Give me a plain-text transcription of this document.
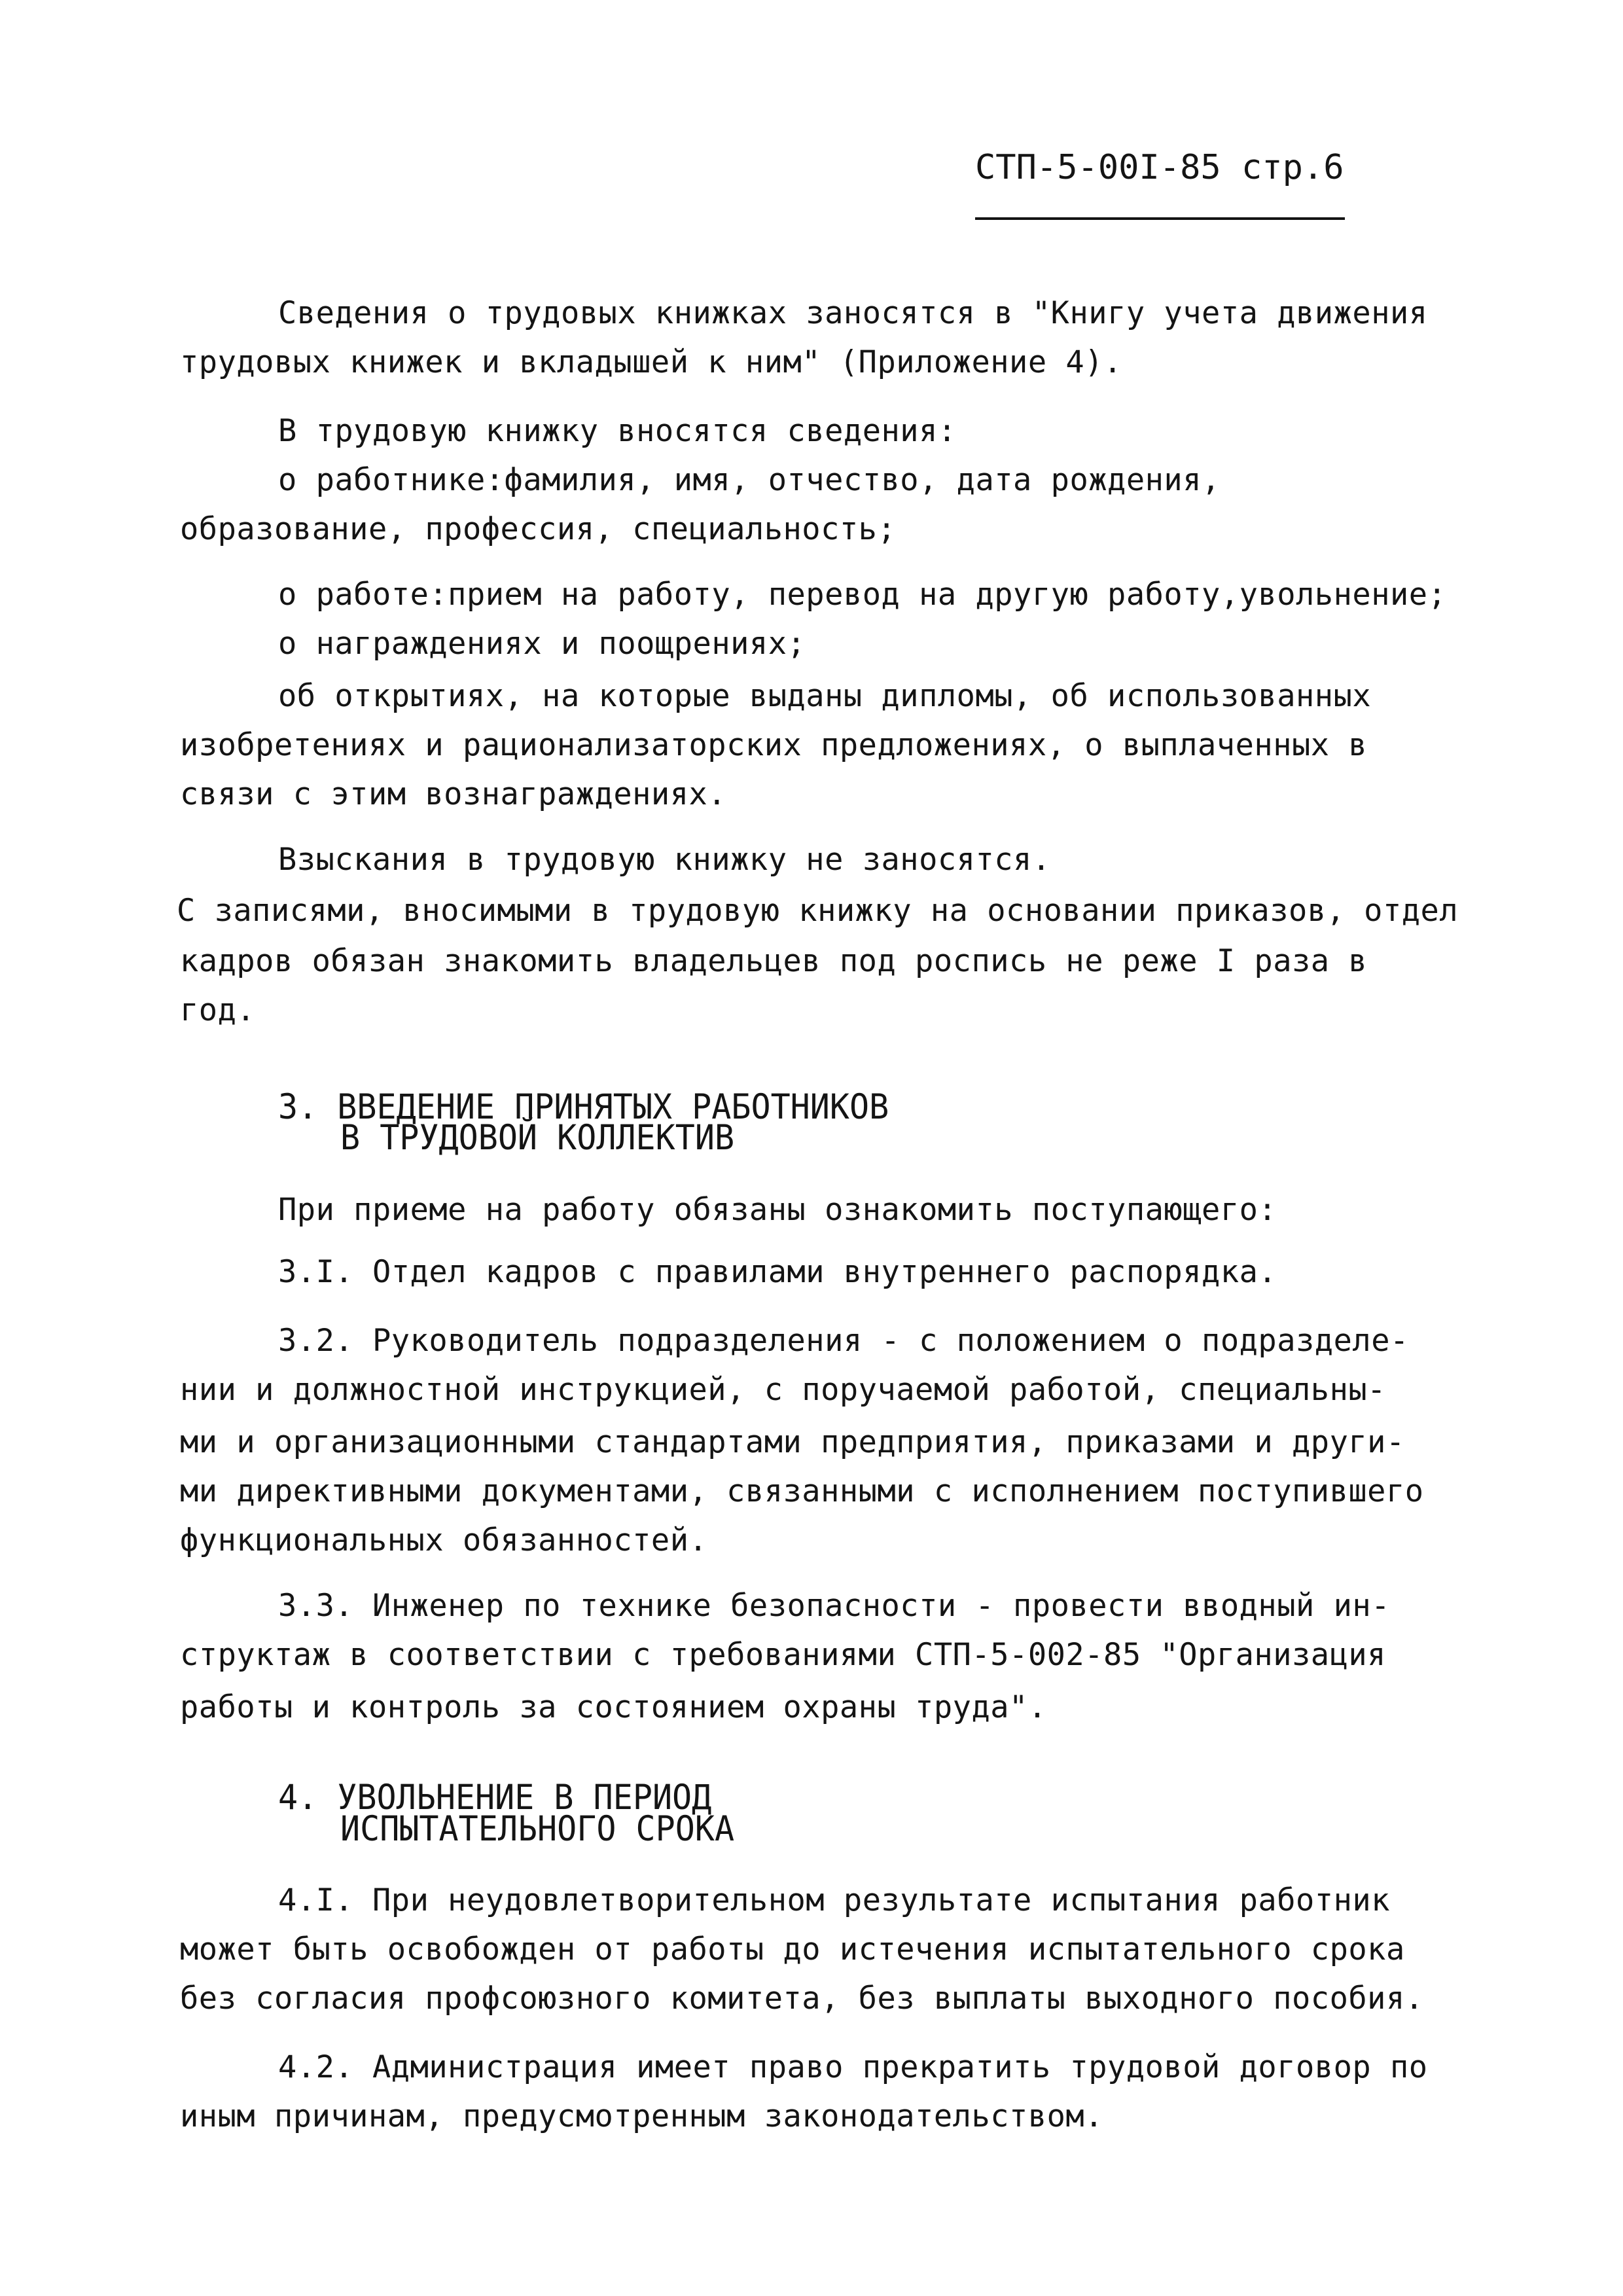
СТП-5-00I-85 стр.6
Сведения о трудовых книжках заносятся в "Книгу учета движения
трудовых книжек и вкладышей к ним" (Приложение 4).
В трудовую книжку вносятся сведения:
о работнике:фамилия, имя, отчество, дата рождения,
образование, профессия, специальность;
о работе:прием на работу, перевод на другую работу,увольнение;
о награждениях и поощрениях;
об открытиях, на которые выданы дипломы, об использованных
изобретениях и рационализаторских предложениях, о выплаченных в
связи с этим вознаграждениях.
Взыскания в трудовую книжку не заносятся.
С записями, вносимыми в трудовую книжку на основании приказов, отдел
кадров обязан знакомить владельцев под роспись не реже I раза в
год.
3. ВВЕДЕНИЕ ПРИНЯТЫХ РАБОТНИКОВ
В ТРУДОВОЙ КОЛЛЕКТИВ
При приеме на работу обязаны ознакомить поступающего:
3.I. Отдел кадров с правилами внутреннего распорядка.
3.2. Руководитель подразделения - с положением о подразделе-
нии и должностной инструкцией, с поручаемой работой, специальны-
ми и организационными стандартами предприятия, приказами и други-
ми директивными документами, связанными с исполнением поступившего
функциональных обязанностей.
3.3. Инженер по технике безопасности - провести вводный ин-
структаж в соответствии с требованиями СТП-5-002-85 "Организация
работы и контроль за состоянием охраны труда".
4. УВОЛЬНЕНИЕ В ПЕРИОД
ИСПЫТАТЕЛЬНОГО СРОКА
4.I. При неудовлетворительном результате испытания работник
может быть освобожден от работы до истечения испытательного срока
без согласия профсоюзного комитета, без выплаты выходного пособия.
4.2. Администрация имеет право прекратить трудовой договор по
иным причинам, предусмотренным законодательством.
